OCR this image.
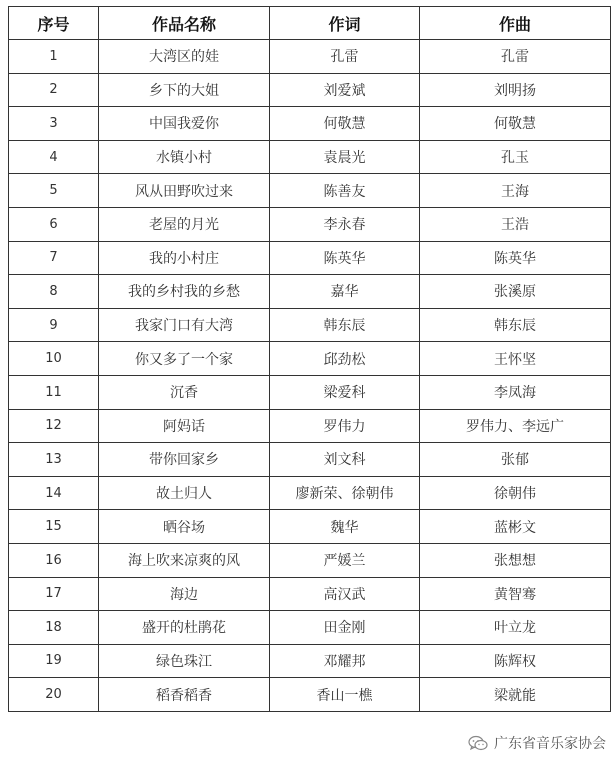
序号	作品名称	作词	作曲
1	大湾区的娃	孔雷	孔雷
2	乡下的大姐	刘爱斌	刘明扬
3	中国我爱你	何敬慧	何敬慧
4	水镇小村	袁晨光	孔玉
5	风从田野吹过来	陈善友	王海
6	老屋的月光	李永春	王浩
7	我的小村庄	陈英华	陈英华
8	我的乡村我的乡愁	嘉华	张溪原
9	我家门口有大湾	韩东辰	韩东辰
10	你又多了一个家	邱劲松	王怀坚
11	沉香	梁爱科	李凤海
12	阿妈话	罗伟力	罗伟力、李远广
13	带你回家乡	刘文科	张郁
14	故土归人	廖新荣、徐朝伟	徐朝伟
15	晒谷场	魏华	蓝彬文
16	海上吹来凉爽的风	严媛兰	张想想
17	海边	高汉武	黄智骞
18	盛开的杜鹃花	田金刚	叶立龙
19	绿色珠江	邓耀邦	陈辉权
20	稻香稻香	香山一樵	梁就能
广东省音乐家协会
